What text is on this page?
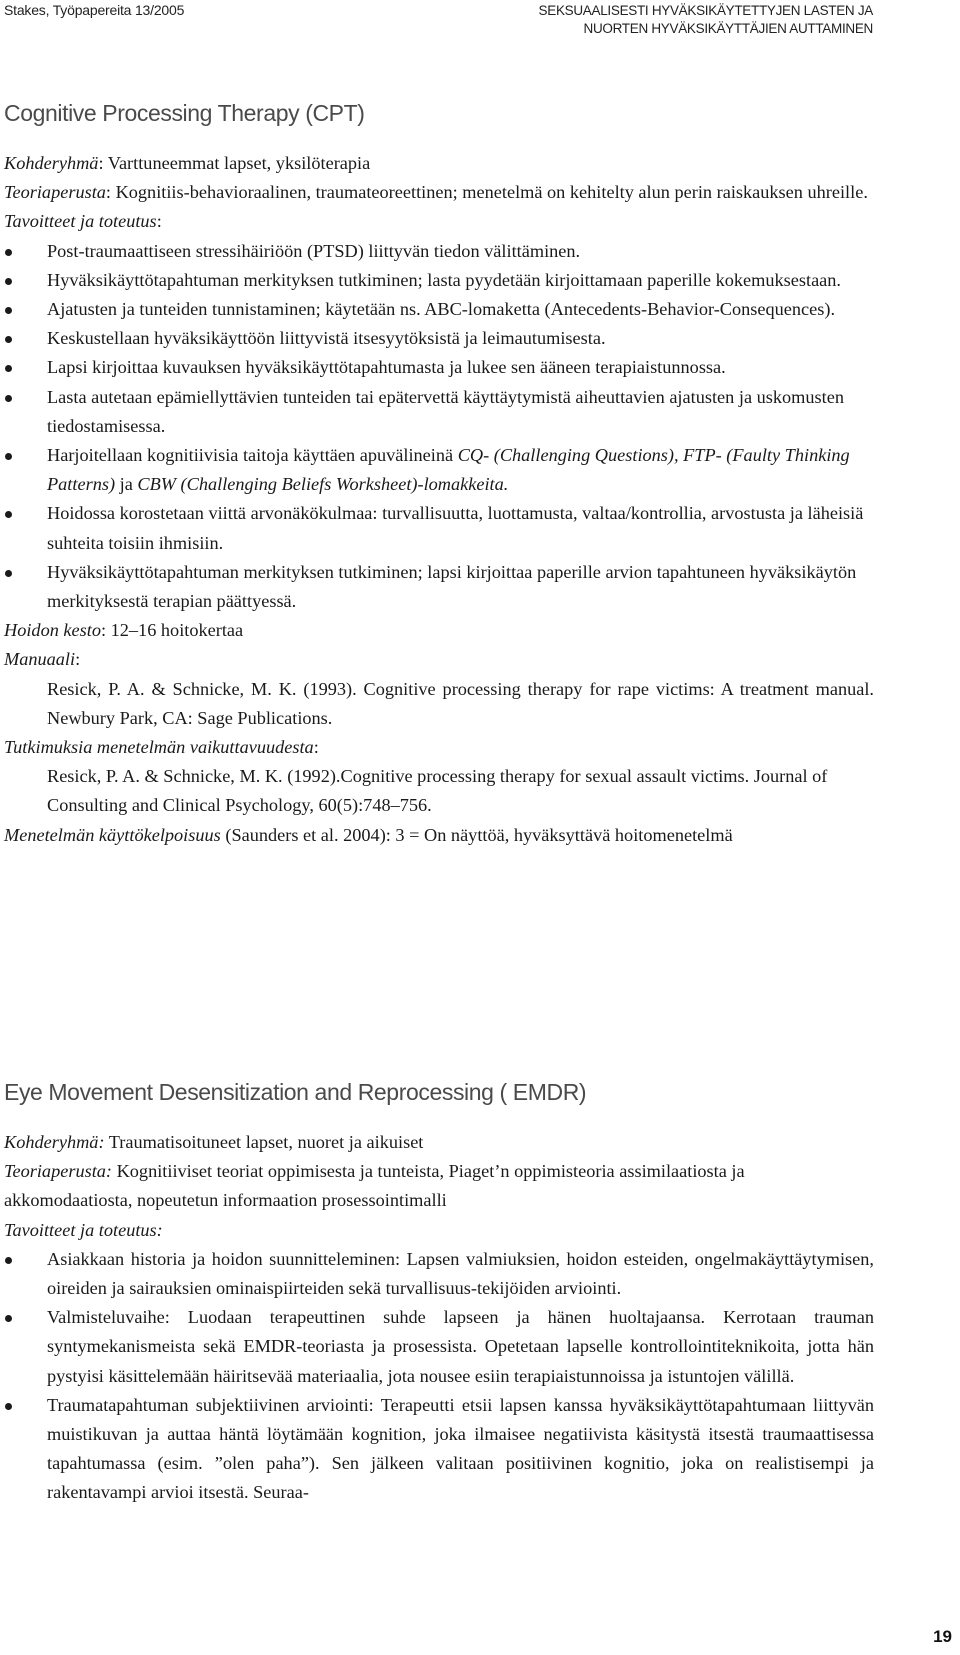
Stakes, Työpapereita 13/2005	SEKSUAALISESTI HYVÄKSIKÄYTETTYJEN LASTEN JA
NUORTEN HYVÄKSIKÄYTTÄJIEN AUTTAMINEN
Cognitive Processing Therapy (CPT)

Kohderyhmä: Varttuneemmat lapset, yksilöterapia

Teoriaperusta: Kognitiis-behavioraalinen, traumateoreettinen; menetelmä on kehitelty alun perin raiskauksen uhreille.

Tavoitteet ja toteutus:

Post-traumaattiseen stressihäiriöön (PTSD) liittyvän tiedon välittäminen.
Hyväksikäyttötapahtuman merkityksen tutkiminen; lasta pyydetään kirjoittamaan paperille kokemuksestaan.
Ajatusten ja tunteiden tunnistaminen; käytetään ns. ABC-lomaketta (Antecedents-Behavior-Consequences).
Keskustellaan hyväksikäyttöön liittyvistä itsesyytöksistä ja leimautumisesta.
Lapsi kirjoittaa kuvauksen hyväksikäyttötapahtumasta ja lukee sen ääneen terapiaistunnossa.
Lasta autetaan epämiellyttävien tunteiden tai epätervettä käyttäytymistä aiheuttavien ajatusten ja uskomusten tiedostamisessa.
Harjoitellaan kognitiivisia taitoja käyttäen apuvälineinä CQ- (Challenging Questions), FTP- (Faulty Thinking Patterns) ja CBW (Challenging Beliefs Worksheet)-lomakkeita.
Hoidossa korostetaan viittä arvonäkökulmaa: turvallisuutta, luottamusta, valtaa/kontrollia, arvostusta ja läheisiä suhteita toisiin ihmisiin.
Hyväksikäyttötapahtuman merkityksen tutkiminen; lapsi kirjoittaa paperille arvion tapahtuneen hyväksikäytön merkityksestä terapian päättyessä.

Hoidon kesto: 12–16 hoitokertaa

Manuaali:

Resick, P. A. & Schnicke, M. K. (1993). Cognitive processing therapy for rape victims: A treatment manual. Newbury Park, CA: Sage Publications.

Tutkimuksia menetelmän vaikuttavuudesta:

Resick, P. A. & Schnicke, M. K. (1992).Cognitive processing therapy for sexual assault victims. Journal of Consulting and Clinical Psychology, 60(5):748–756.

Menetelmän käyttökelpoisuus (Saunders et al. 2004): 3 = On näyttöä, hyväksyttävä hoitomenetelmä

Eye Movement Desensitization and Reprocessing ( EMDR)

Kohderyhmä: Traumatisoituneet lapset, nuoret ja aikuiset

Teoriaperusta: Kognitiiviset teoriat oppimisesta ja tunteista, Piaget’n oppimisteoria assimilaatiosta ja akkomodaatiosta, nopeutetun informaation prosessointimalli

Tavoitteet ja toteutus:

Asiakkaan historia ja hoidon suunnitteleminen: Lapsen valmiuksien, hoidon esteiden, ongelmakäyttäytymisen, oireiden ja sairauksien ominaispiirteiden sekä turvallisuus-tekijöiden arviointi.
Valmisteluvaihe: Luodaan terapeuttinen suhde lapseen ja hänen huoltajaansa. Kerrotaan trauman syntymekanismeista sekä EMDR-teoriasta ja prosessista. Opetetaan lapselle kontrollointiteknikoita, jotta hän pystyisi käsittelemään häiritsevää materiaalia, jota nousee esiin terapiaistunnoissa ja istuntojen välillä.
Traumatapahtuman subjektiivinen arviointi: Terapeutti etsii lapsen kanssa hyväksikäyttötapahtumaan liittyvän muistikuvan ja auttaa häntä löytämään kognition, joka ilmaisee negatiivista käsitystä itsestä traumaattisessa tapahtumassa (esim. ”olen paha”). Sen jälkeen valitaan positiivinen kognitio, joka on realistisempi ja rakentavampi arvioi itsestä. Seuraa-
19
